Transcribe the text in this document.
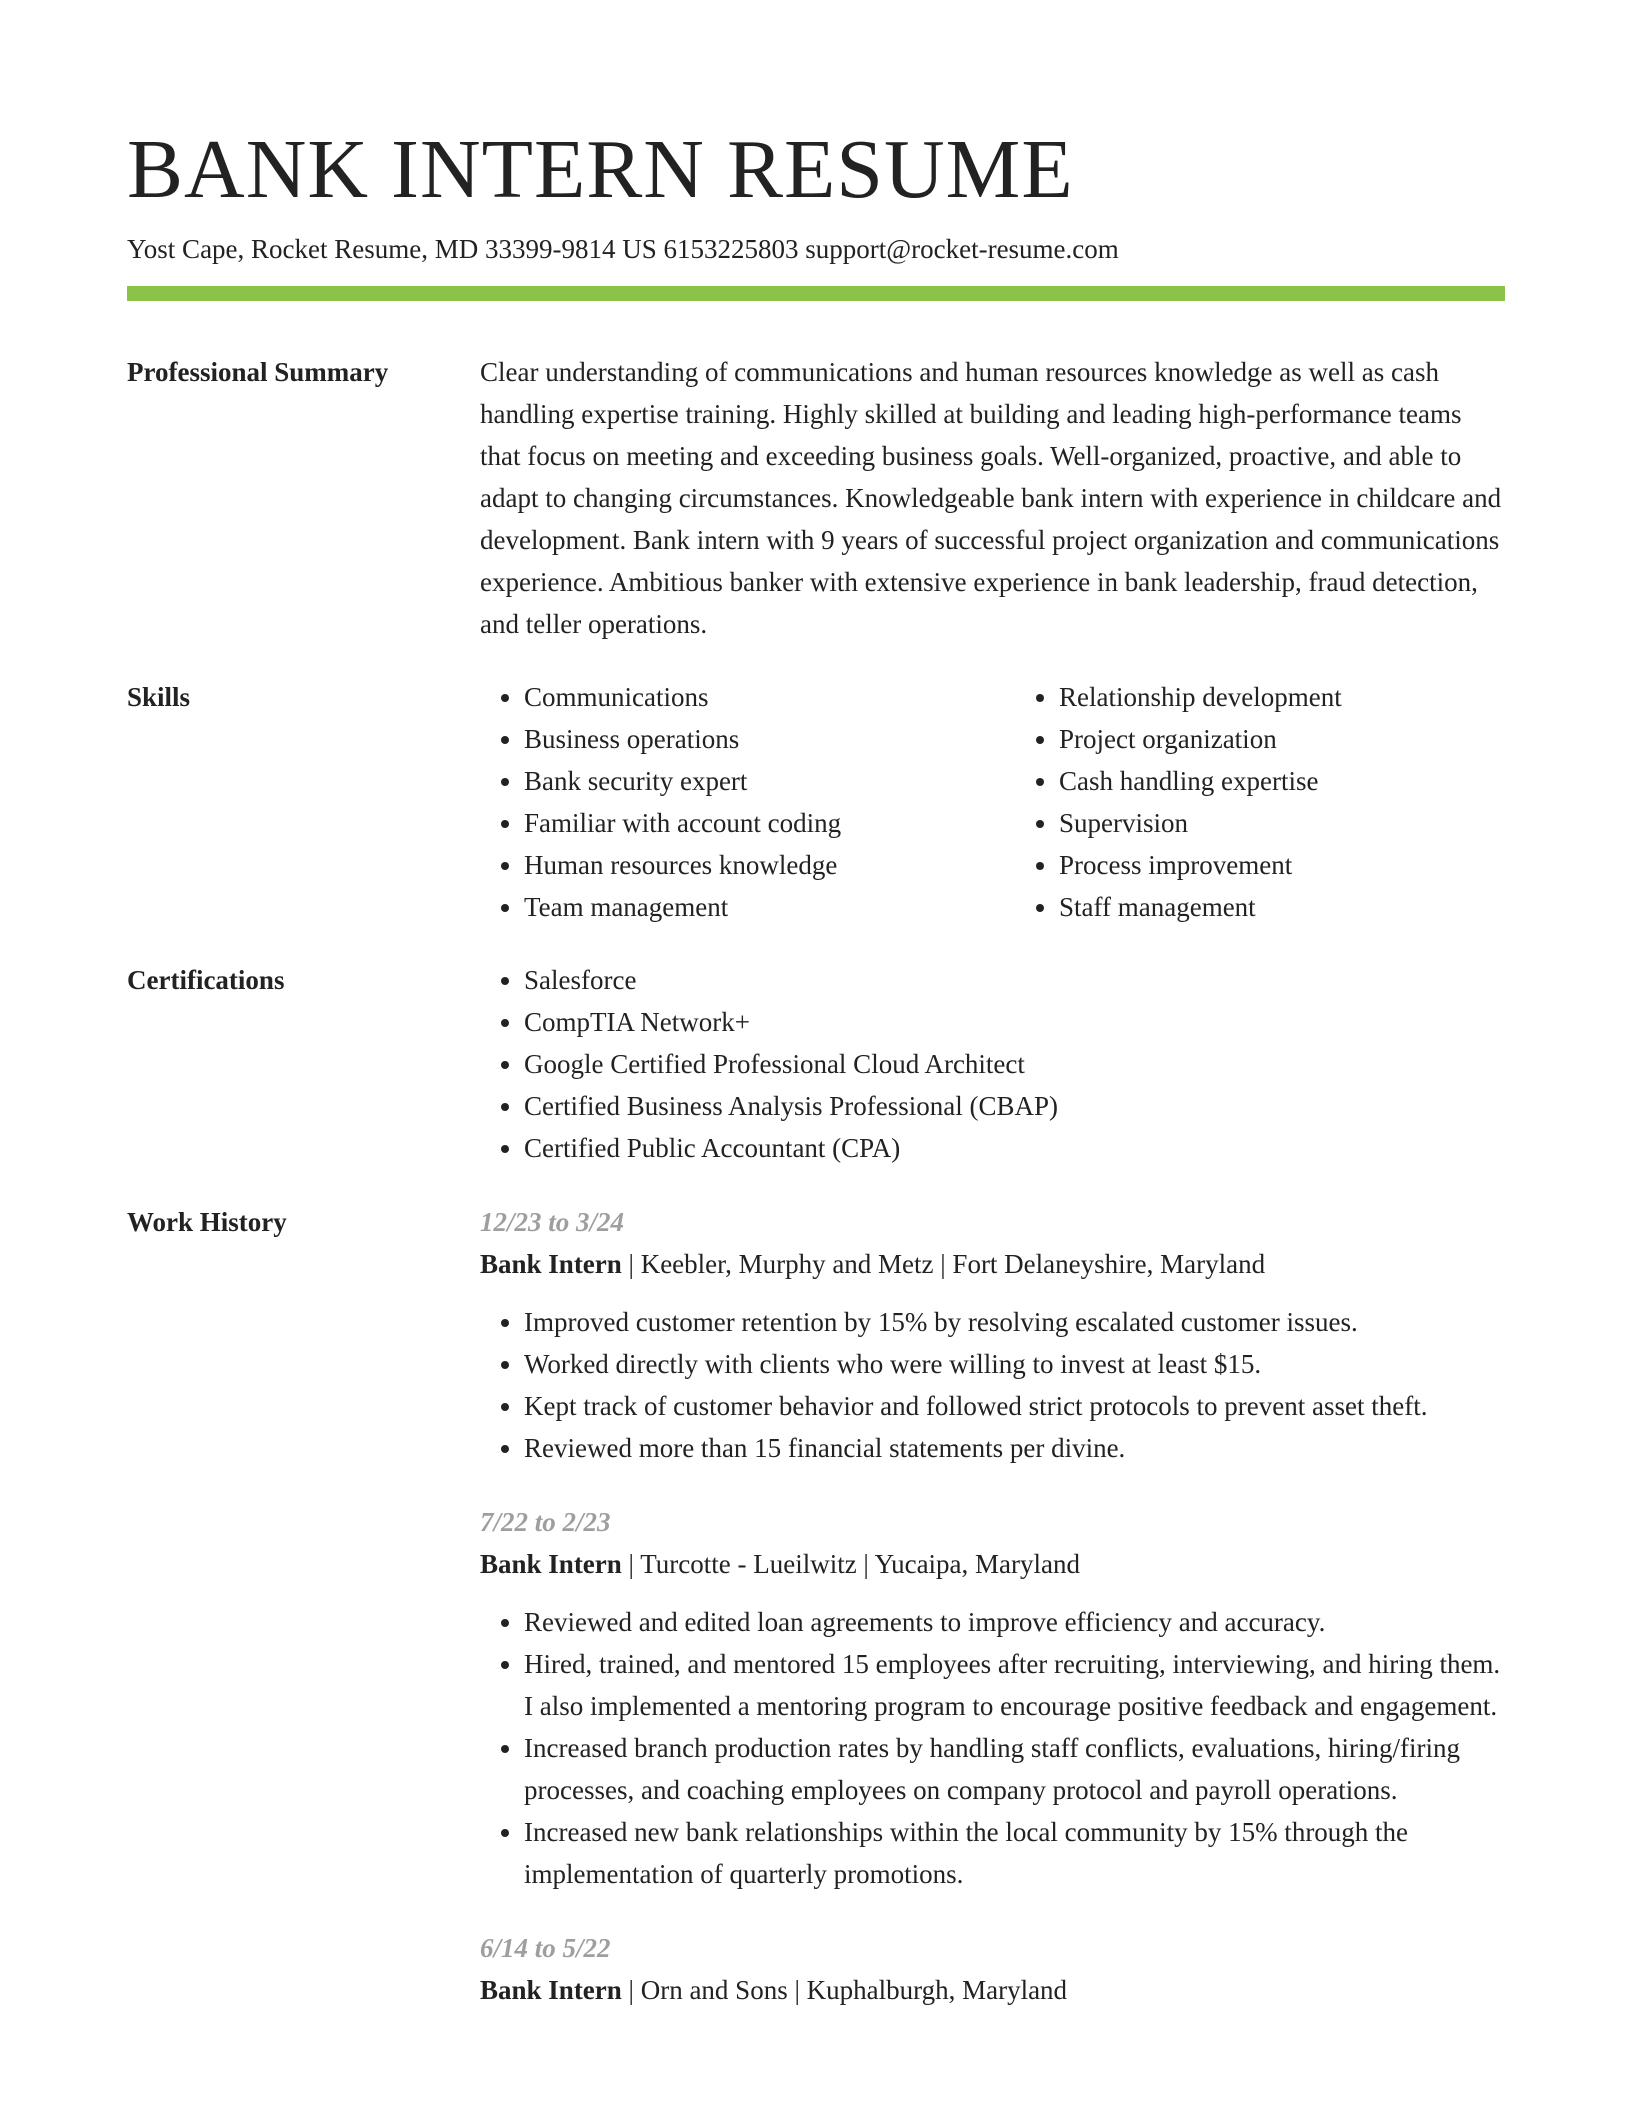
BANK INTERN RESUME
Yost Cape, Rocket Resume, MD 33399-9814 US 6153225803 support@rocket-resume.com
Professional Summary	Clear understanding of communications and human resources knowledge as well as cash handling expertise training. Highly skilled at building and leading high-performance teams that focus on meeting and exceeding business goals. Well-organized, proactive, and able to adapt to changing circumstances. Knowledgeable bank intern with experience in childcare and development. Bank intern with 9 years of successful project organization and communications experience. Ambitious banker with extensive experience in bank leadership, fraud detection, and teller operations.

Skills	• Communications
• Business operations
• Bank security expert
• Familiar with account coding
• Human resources knowledge
• Team management
• Relationship development
• Project organization
• Cash handling expertise
• Supervision
• Process improvement
• Staff management
Certifications	• Salesforce
• CompTIA Network+
• Google Certified Professional Cloud Architect
• Certified Business Analysis Professional (CBAP)
• Certified Public Accountant (CPA)
Work History	12/23 to 3/24
Bank Intern | Keebler, Murphy and Metz | Fort Delaneyshire, Maryland
• Improved customer retention by 15% by resolving escalated customer issues.
• Worked directly with clients who were willing to invest at least $15.
• Kept track of customer behavior and followed strict protocols to prevent asset theft.
• Reviewed more than 15 financial statements per divine.
7/22 to 2/23
Bank Intern | Turcotte - Lueilwitz | Yucaipa, Maryland
• Reviewed and edited loan agreements to improve efficiency and accuracy.
• Hired, trained, and mentored 15 employees after recruiting, interviewing, and hiring them. I also implemented a mentoring program to encourage positive feedback and engagement.
• Increased branch production rates by handling staff conflicts, evaluations, hiring/firing processes, and coaching employees on company protocol and payroll operations.
• Increased new bank relationships within the local community by 15% through the implementation of quarterly promotions.
6/14 to 5/22
Bank Intern | Orn and Sons | Kuphalburgh, Maryland
